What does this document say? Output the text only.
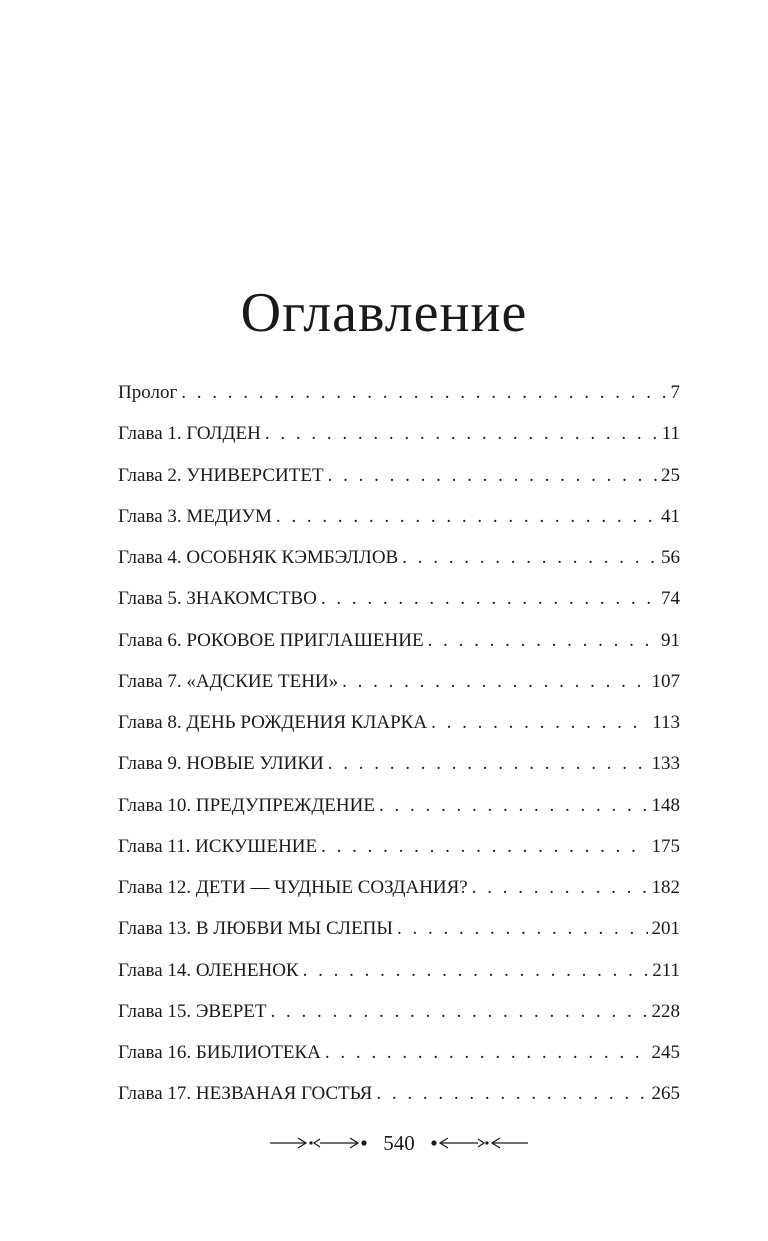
Оглавление
Пролог . . .	7
Глава 1. ГОЛДЕН . . .	11
Глава 2. УНИВЕРСИТЕТ . . .	25
Глава 3. МЕДИУМ . . .	41
Глава 4. ОСОБНЯК КЭМБЭЛЛОВ . . .	56
Глава 5. ЗНАКОМСТВО . . .	74
Глава 6. РОКОВОЕ ПРИГЛАШЕНИЕ . . .	91
Глава 7. «АДСКИЕ ТЕНИ» . . .	107
Глава 8. ДЕНЬ РОЖДЕНИЯ КЛАРКА . . .	113
Глава 9. НОВЫЕ УЛИКИ . . .	133
Глава 10. ПРЕДУПРЕЖДЕНИЕ . . .	148
Глава 11. ИСКУШЕНИЕ . . .	175
Глава 12. ДЕТИ — ЧУДНЫЕ СОЗДАНИЯ? . . .	182
Глава 13. В ЛЮБВИ МЫ СЛЕПЫ . . .	201
Глава 14. ОЛЕНЕНОК . . .	211
Глава 15. ЭВЕРЕТ . . .	228
Глава 16. БИБЛИОТЕКА . . .	245
Глава 17. НЕЗВАНАЯ ГОСТЬЯ . . .	265
540
